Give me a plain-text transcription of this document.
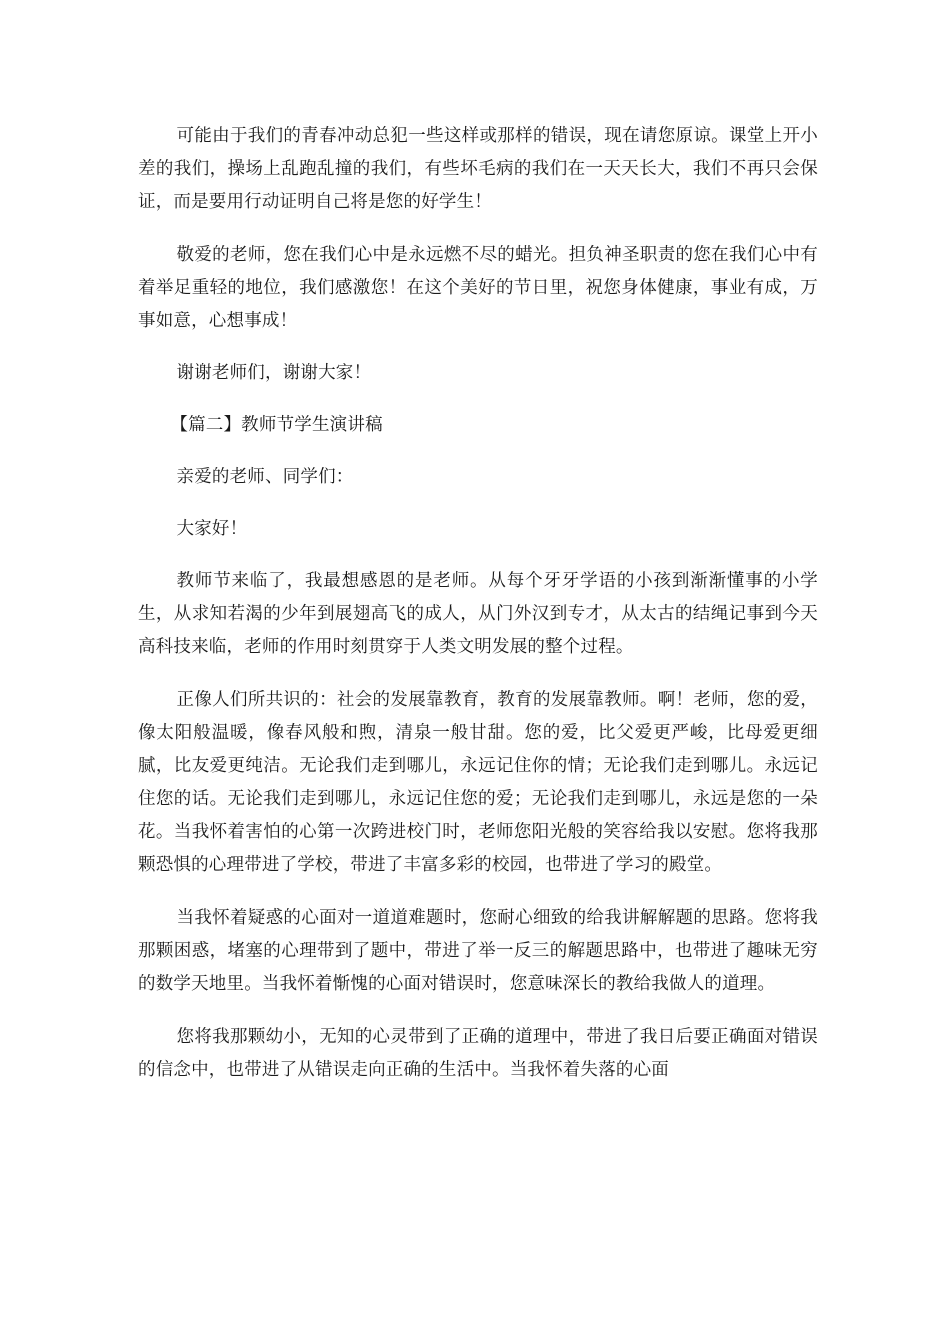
可能由于我们的青春冲动总犯一些这样或那样的错误，现在请您原谅。课堂上开小差的我们，操场上乱跑乱撞的我们，有些坏毛病的我们在一天天长大，我们不再只会保证，而是要用行动证明自己将是您的好学生！

敬爱的老师，您在我们心中是永远燃不尽的蜡光。担负神圣职责的您在我们心中有着举足重轻的地位，我们感激您！在这个美好的节日里，祝您身体健康，事业有成，万事如意，心想事成！

谢谢老师们，谢谢大家！

【篇二】教师节学生演讲稿

亲爱的老师、同学们：

大家好！

教师节来临了，我最想感恩的是老师。从每个牙牙学语的小孩到渐渐懂事的小学生，从求知若渴的少年到展翅高飞的成人，从门外汉到专才，从太古的结绳记事到今天高科技来临，老师的作用时刻贯穿于人类文明发展的整个过程。

正像人们所共识的：社会的发展靠教育，教育的发展靠教师。啊！老师，您的爱，像太阳般温暖，像春风般和煦，清泉一般甘甜。您的爱，比父爱更严峻，比母爱更细腻，比友爱更纯洁。无论我们走到哪儿，永远记住你的情；无论我们走到哪儿。永远记住您的话。无论我们走到哪儿，永远记住您的爱；无论我们走到哪儿，永远是您的一朵花。当我怀着害怕的心第一次跨进校门时，老师您阳光般的笑容给我以安慰。您将我那颗恐惧的心理带进了学校，带进了丰富多彩的校园，也带进了学习的殿堂。

当我怀着疑惑的心面对一道道难题时，您耐心细致的给我讲解解题的思路。您将我那颗困惑，堵塞的心理带到了题中，带进了举一反三的解题思路中，也带进了趣味无穷的数学天地里。当我怀着惭愧的心面对错误时，您意味深长的教给我做人的道理。

您将我那颗幼小，无知的心灵带到了正确的道理中，带进了我日后要正确面对错误的信念中，也带进了从错误走向正确的生活中。当我怀着失落的心面
